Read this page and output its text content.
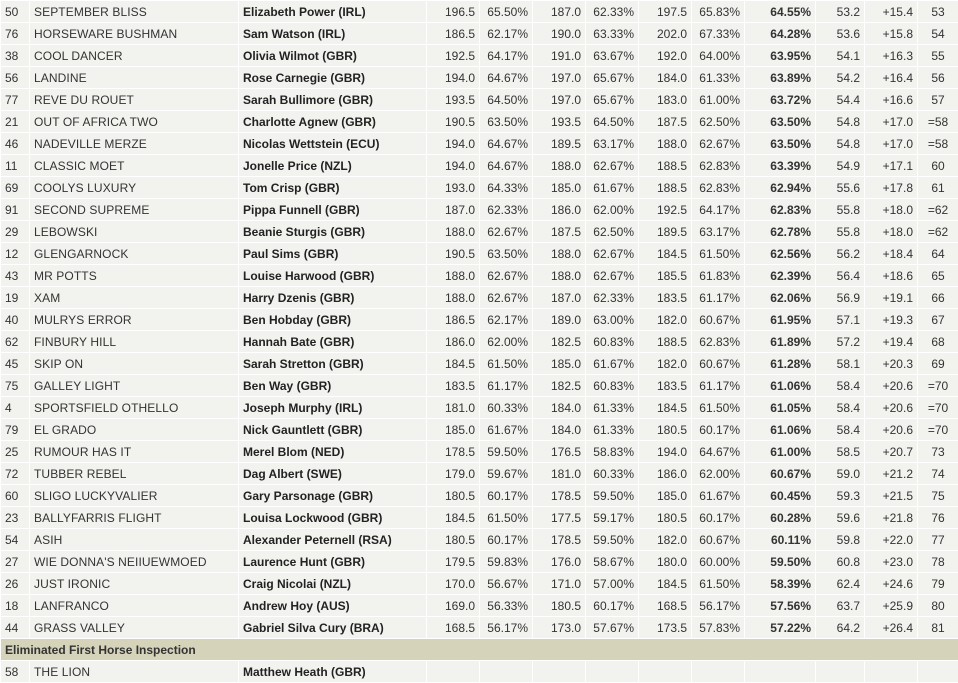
50	SEPTEMBER BLISS	Elizabeth Power (IRL)	196.5	65.50%	187.0	62.33%	197.5	65.83%	64.55%	53.2	+15.4	53
76	HORSEWARE BUSHMAN	Sam Watson (IRL)	186.5	62.17%	190.0	63.33%	202.0	67.33%	64.28%	53.6	+15.8	54
38	COOL DANCER	Olivia Wilmot (GBR)	192.5	64.17%	191.0	63.67%	192.0	64.00%	63.95%	54.1	+16.3	55
56	LANDINE	Rose Carnegie (GBR)	194.0	64.67%	197.0	65.67%	184.0	61.33%	63.89%	54.2	+16.4	56
77	REVE DU ROUET	Sarah Bullimore (GBR)	193.5	64.50%	197.0	65.67%	183.0	61.00%	63.72%	54.4	+16.6	57
21	OUT OF AFRICA TWO	Charlotte Agnew (GBR)	190.5	63.50%	193.5	64.50%	187.5	62.50%	63.50%	54.8	+17.0	=58
46	NADEVILLE MERZE	Nicolas Wettstein (ECU)	194.0	64.67%	189.5	63.17%	188.0	62.67%	63.50%	54.8	+17.0	=58
11	CLASSIC MOET	Jonelle Price (NZL)	194.0	64.67%	188.0	62.67%	188.5	62.83%	63.39%	54.9	+17.1	60
69	COOLYS LUXURY	Tom Crisp (GBR)	193.0	64.33%	185.0	61.67%	188.5	62.83%	62.94%	55.6	+17.8	61
91	SECOND SUPREME	Pippa Funnell (GBR)	187.0	62.33%	186.0	62.00%	192.5	64.17%	62.83%	55.8	+18.0	=62
29	LEBOWSKI	Beanie Sturgis (GBR)	188.0	62.67%	187.5	62.50%	189.5	63.17%	62.78%	55.8	+18.0	=62
12	GLENGARNOCK	Paul Sims (GBR)	190.5	63.50%	188.0	62.67%	184.5	61.50%	62.56%	56.2	+18.4	64
43	MR POTTS	Louise Harwood (GBR)	188.0	62.67%	188.0	62.67%	185.5	61.83%	62.39%	56.4	+18.6	65
19	XAM	Harry Dzenis (GBR)	188.0	62.67%	187.0	62.33%	183.5	61.17%	62.06%	56.9	+19.1	66
40	MULRYS ERROR	Ben Hobday (GBR)	186.5	62.17%	189.0	63.00%	182.0	60.67%	61.95%	57.1	+19.3	67
62	FINBURY HILL	Hannah Bate (GBR)	186.0	62.00%	182.5	60.83%	188.5	62.83%	61.89%	57.2	+19.4	68
45	SKIP ON	Sarah Stretton (GBR)	184.5	61.50%	185.0	61.67%	182.0	60.67%	61.28%	58.1	+20.3	69
75	GALLEY LIGHT	Ben Way (GBR)	183.5	61.17%	182.5	60.83%	183.5	61.17%	61.06%	58.4	+20.6	=70
4	SPORTSFIELD OTHELLO	Joseph Murphy (IRL)	181.0	60.33%	184.0	61.33%	184.5	61.50%	61.05%	58.4	+20.6	=70
79	EL GRADO	Nick Gauntlett (GBR)	185.0	61.67%	184.0	61.33%	180.5	60.17%	61.06%	58.4	+20.6	=70
25	RUMOUR HAS IT	Merel Blom (NED)	178.5	59.50%	176.5	58.83%	194.0	64.67%	61.00%	58.5	+20.7	73
72	TUBBER REBEL	Dag Albert (SWE)	179.0	59.67%	181.0	60.33%	186.0	62.00%	60.67%	59.0	+21.2	74
60	SLIGO LUCKYVALIER	Gary Parsonage (GBR)	180.5	60.17%	178.5	59.50%	185.0	61.67%	60.45%	59.3	+21.5	75
23	BALLYFARRIS FLIGHT	Louisa Lockwood (GBR)	184.5	61.50%	177.5	59.17%	180.5	60.17%	60.28%	59.6	+21.8	76
54	ASIH	Alexander Peternell (RSA)	180.5	60.17%	178.5	59.50%	182.0	60.67%	60.11%	59.8	+22.0	77
27	WIE DONNA'S NEIIUEWMOED	Laurence Hunt (GBR)	179.5	59.83%	176.0	58.67%	180.0	60.00%	59.50%	60.8	+23.0	78
26	JUST IRONIC	Craig Nicolai (NZL)	170.0	56.67%	171.0	57.00%	184.5	61.50%	58.39%	62.4	+24.6	79
18	LANFRANCO	Andrew Hoy (AUS)	169.0	56.33%	180.5	60.17%	168.5	56.17%	57.56%	63.7	+25.9	80
44	GRASS VALLEY	Gabriel Silva Cury (BRA)	168.5	56.17%	173.0	57.67%	173.5	57.83%	57.22%	64.2	+26.4	81
Eliminated First Horse Inspection												
58	THE LION	Matthew Heath (GBR)										
